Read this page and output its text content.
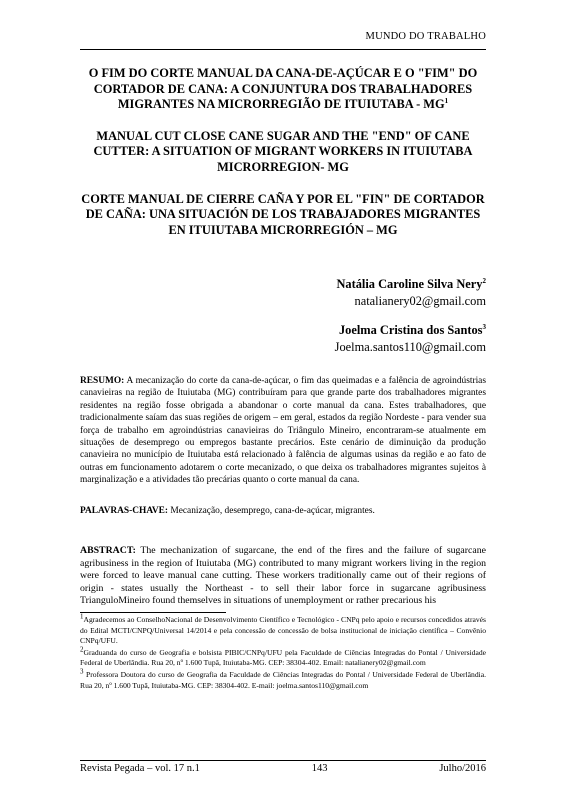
MUNDO DO TRABALHO

O FIM DO CORTE MANUAL DA CANA-DE-AÇÚCAR E O "FIM" DO CORTADOR DE CANA: A CONJUNTURA DOS TRABALHADORES MIGRANTES NA MICRORREGIÃO DE ITUIUTABA - $MG^1$

MANUAL CUT CLOSE CANE SUGAR AND THE "END" OF CANE CUTTER: A SITUATION OF MIGRANT WORKERS IN ITUIUTABA MICRORREGION- MG

CORTE MANUAL DE CIERRE CAÑA Y POR EL "FIN" DE CORTADOR DE CAÑA: UNA SITUACIÓN DE LOS TRABAJADORES MIGRANTES EN ITUIUTABA MICRORREGIÓN – MG

Natália Caroline Silva Nery$^2$
natalianery02@gmail.com
Joelma Cristina dos Santos$^3$
Joelma.santos110@gmail.com
RESUMO: A mecanização do corte da cana-de-açúcar, o fim das queimadas e a falência de agroindústrias canavieiras na região de Ituiutaba (MG) contribuíram para que grande parte dos trabalhadores migrantes residentes na região fosse obrigada a abandonar o corte manual da cana. Estes trabalhadores, que tradicionalmente saíam das suas regiões de origem – em geral, estados da região Nordeste - para vender sua força de trabalho em agroindústrias canavieiras do Triângulo Mineiro, encontraram-se atualmente em situações de desemprego ou empregos bastante precários. Este cenário de diminuição da produção canavieira no município de Ituiutaba está relacionado à falência de algumas usinas da região e ao fato de outras em funcionamento adotarem o corte mecanizado, o que deixa os trabalhadores migrantes sujeitos à marginalização e a atividades tão precárias quanto o corte manual da cana.
PALAVRAS-CHAVE: Mecanização, desemprego, cana-de-açúcar, migrantes.
ABSTRACT: The mechanization of sugarcane, the end of the fires and the failure of sugarcane agribusiness in the region of Ituiutaba (MG) contributed to many migrant workers living in the region were forced to leave manual cane cutting. These workers traditionally came out of their regions of origin - states usually the Northeast - to sell their labor force in sugarcane agribusiness TrianguloMineiro found themselves in situations of unemployment or rather precarious his

$^1$Agradecemos ao ConselhoNacional de Desenvolvimento Científico e Tecnológico - CNPq pelo apoio e recursos concedidos através do Edital MCTI/CNPQ/Universal 14/2014 e pela concessão de concessão de bolsa institucional de iniciação científica – Convênio CNPq/UFU.

$^2$Graduanda do curso de Geografia e bolsista PIBIC/CNPq/UFU pela Faculdade de Ciências Integradas do Pontal / Universidade Federal de Uberlândia. Rua 20, nº 1.600 Tupã, Ituiutaba-MG. CEP: 38304-402. Email: natalianery02@gmail.com

$^3$ Professora Doutora do curso de Geografia da Faculdade de Ciências Integradas do Pontal / Universidade Federal de Uberlândia. Rua 20, nº 1.600 Tupã, Ituiutaba-MG. CEP: 38304-402. E-mail: joelma.santos110@gmail.com

Revista Pegada – vol. 17 n.1	143	Julho/2016
